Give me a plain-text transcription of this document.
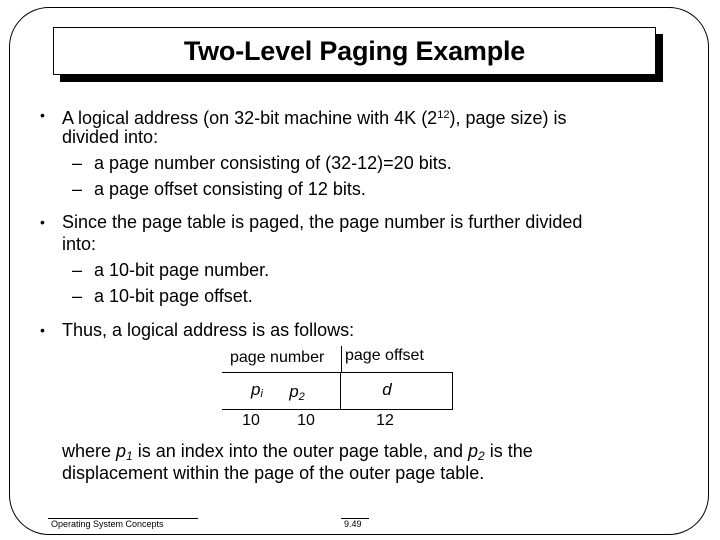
Two-Level Paging Example
• A logical address (on 32-bit machine with 4K $(2^{12})$, page size) is
divided into:
– a page number consisting of (32-12)=20 bits.
– a page offset consisting of 12 bits.
• Since the page table is paged, the page number is further divided
into:
– a 10-bit page number.
– a 10-bit page offset.
• Thus, a logical address is as follows:
page number page offset
pi	p2	d
10	10	12
where p1 is an index into the outer page table, and p2 is the
displacement within the page of the outer page table.
Operating System Concepts	9.49
